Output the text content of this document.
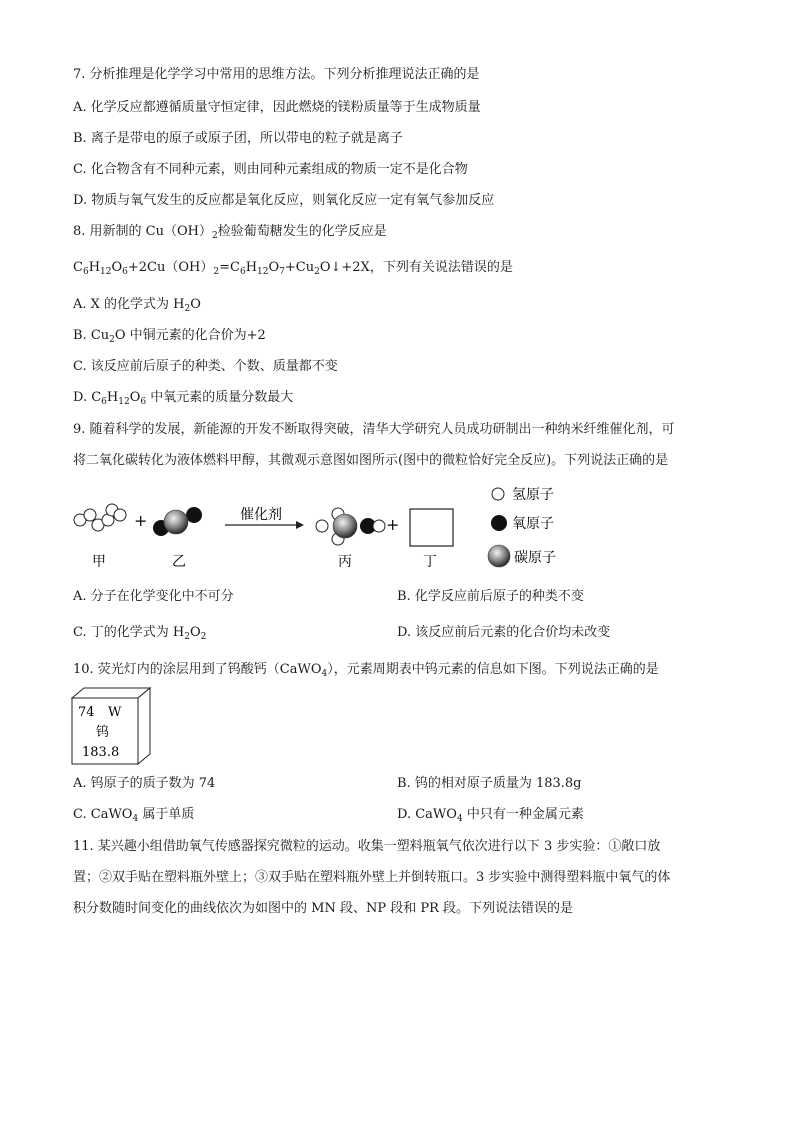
7. 分析推理是化学学习中常用的思维方法。下列分析推理说法正确的是
A. 化学反应都遵循质量守恒定律，因此燃烧的镁粉质量等于生成物质量
B. 离子是带电的原子或原子团，所以带电的粒子就是离子
C. 化合物含有不同种元素，则由同种元素组成的物质一定不是化合物
D. 物质与氧气发生的反应都是氧化反应，则氧化反应一定有氧气参加反应
8. 用新制的 $Cu(OH)_2$检验葡萄糖发生的化学反应是
$C_6H_{12}O_6+2Cu(OH)_2=C_6H_{12}O_7+Cu_2O↓+2X$，下列有关说法错误的是
A. X 的化学式为 $H_2O$
B. $Cu_2O$ 中铜元素的化合价为+2
C. 该反应前后原子的种类、个数、质量都不变
D. $C_6H_{12}O_6$ 中氧元素的质量分数最大
9. 随着科学的发展，新能源的开发不断取得突破，清华大学研究人员成功研制出一种纳米纤维催化剂，可
将二氧化碳转化为液体燃料甲醇，其微观示意图如图所示(图中的微粒恰好完全反应)。下列说法正确的是
甲
+
乙
催化剂
丙
+
丁
氢原子
氧原子
碳原子
A. 分子在化学变化中不可分	B. 化学反应前后原子的种类不变
C. 丁的化学式为 $H_2O_2$	D. 该反应前后元素的化合价均未改变
10. 荧光灯内的涂层用到了钨酸钙（CaWO$_4$），元素周期表中钨元素的信息如下图。下列说法正确的是
74 W
钨
183.8
A. 钨原子的质子数为 74	B. 钨的相对原子质量为 183.8g
C. CaWO$_4$ 属于单质	D. CaWO$_4$ 中只有一种金属元素
11. 某兴趣小组借助氧气传感器探究微粒的运动。收集一塑料瓶氧气依次进行以下 3 步实验：①敞口放
置；②双手贴在塑料瓶外壁上；③双手贴在塑料瓶外壁上并倒转瓶口。3 步实验中测得塑料瓶中氧气的体
积分数随时间变化的曲线依次为如图中的 MN 段、NP 段和 PR 段。下列说法错误的是
